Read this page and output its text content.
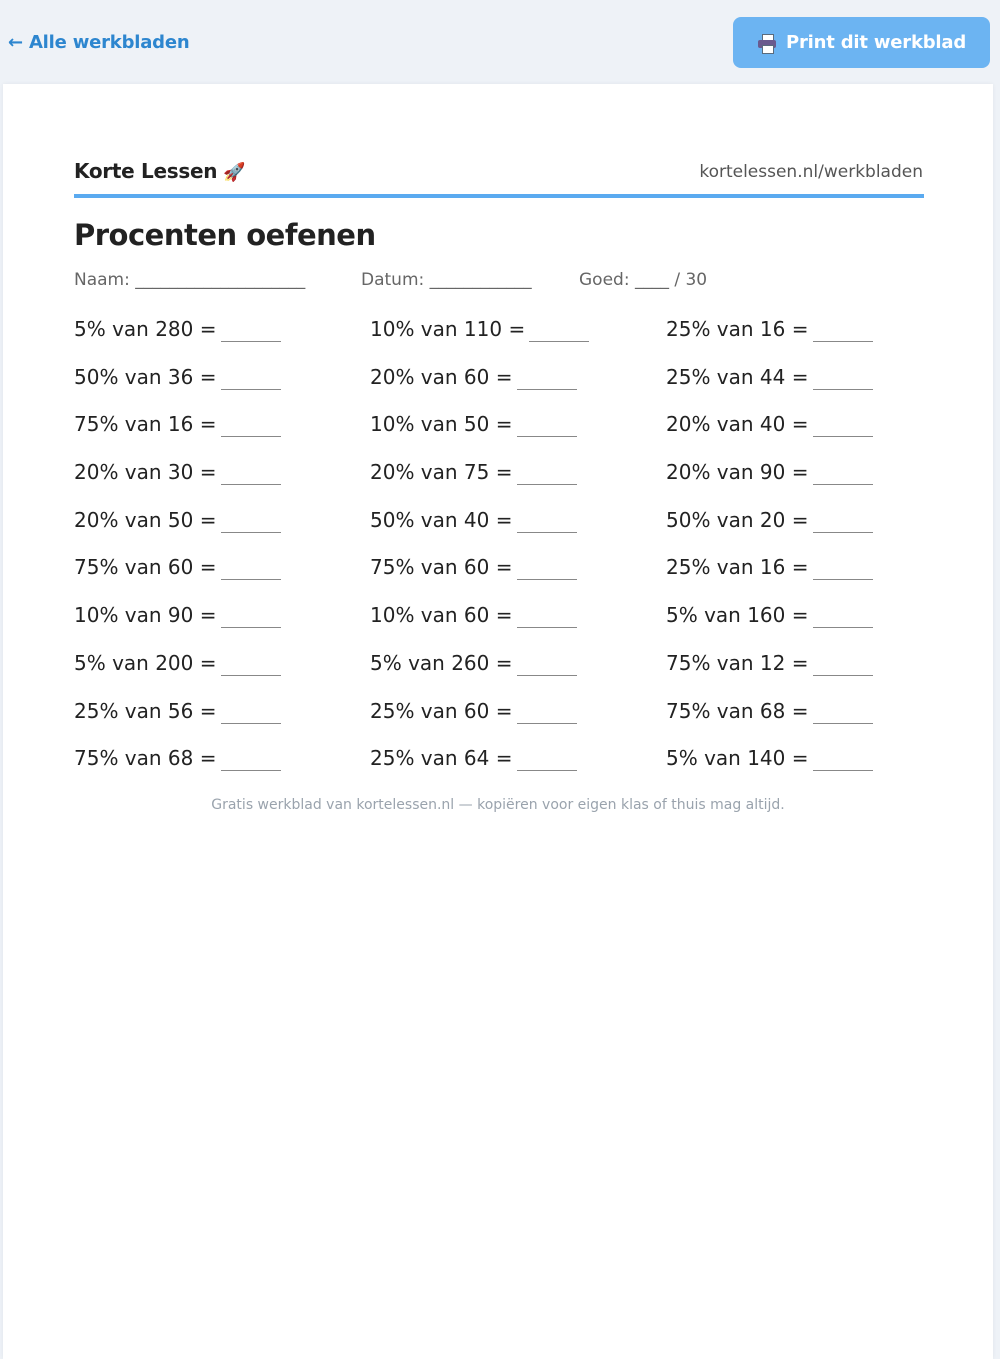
← Alle werkbladen	Print dit werkblad
Korte Lessen 🚀	kortelessen.nl/werkbladen
Procenten oefenen
Naam: ____________________	Datum: ____________	Goed: ____ / 30
5% van 280 =	10% van 110 =	25% van 16 =
50% van 36 =	20% van 60 =	25% van 44 =
75% van 16 =	10% van 50 =	20% van 40 =
20% van 30 =	20% van 75 =	20% van 90 =
20% van 50 =	50% van 40 =	50% van 20 =
75% van 60 =	75% van 60 =	25% van 16 =
10% van 90 =	10% van 60 =	5% van 160 =
5% van 200 =	5% van 260 =	75% van 12 =
25% van 56 =	25% van 60 =	75% van 68 =
75% van 68 =	25% van 64 =	5% van 140 =
Gratis werkblad van kortelessen.nl — kopiëren voor eigen klas of thuis mag altijd.
